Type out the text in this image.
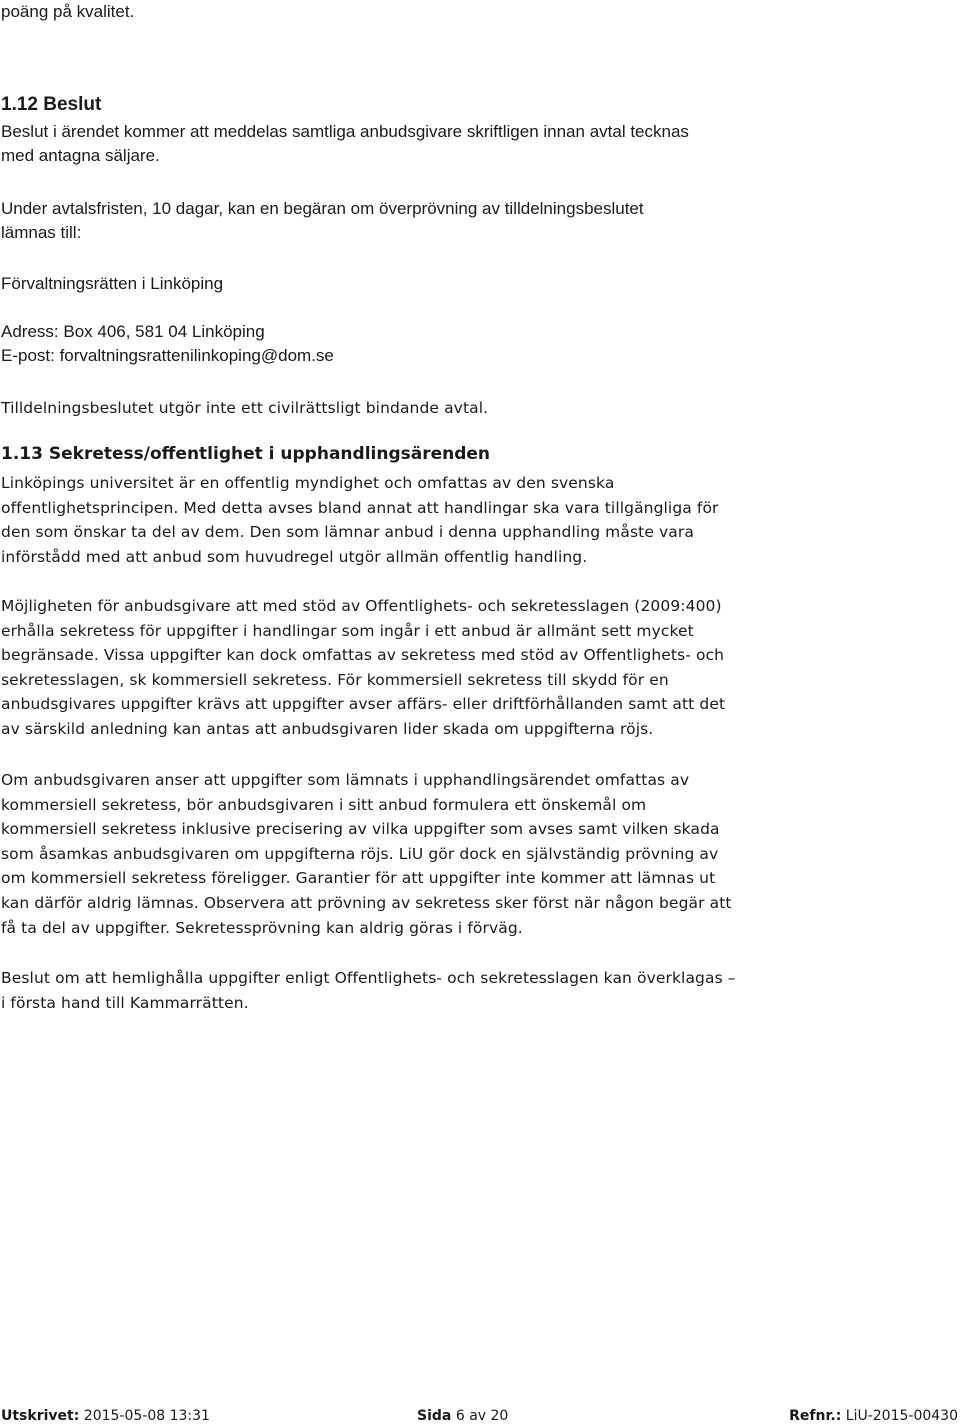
poäng på kvalitet.

1.12 Beslut

Beslut i ärendet kommer att meddelas samtliga anbudsgivare skriftligen innan avtal tecknas
med antagna säljare.

Under avtalsfristen, 10 dagar, kan en begäran om överprövning av tilldelningsbeslutet
lämnas till:

Förvaltningsrätten i Linköping

Adress: Box 406, 581 04 Linköping
E-post: forvaltningsrattenilinkoping@dom.se

Tilldelningsbeslutet utgör inte ett civilrättsligt bindande avtal.

1.13 Sekretess/offentlighet i upphandlingsärenden

Linköpings universitet är en offentlig myndighet och omfattas av den svenska
offentlighetsprincipen. Med detta avses bland annat att handlingar ska vara tillgängliga för
den som önskar ta del av dem. Den som lämnar anbud i denna upphandling måste vara
införstådd med att anbud som huvudregel utgör allmän offentlig handling.

Möjligheten för anbudsgivare att med stöd av Offentlighets- och sekretesslagen (2009:400)
erhålla sekretess för uppgifter i handlingar som ingår i ett anbud är allmänt sett mycket
begränsade. Vissa uppgifter kan dock omfattas av sekretess med stöd av Offentlighets- och
sekretesslagen, sk kommersiell sekretess. För kommersiell sekretess till skydd för en
anbudsgivares uppgifter krävs att uppgifter avser affärs- eller driftförhållanden samt att det
av särskild anledning kan antas att anbudsgivaren lider skada om uppgifterna röjs.

Om anbudsgivaren anser att uppgifter som lämnats i upphandlingsärendet omfattas av
kommersiell sekretess, bör anbudsgivaren i sitt anbud formulera ett önskemål om
kommersiell sekretess inklusive precisering av vilka uppgifter som avses samt vilken skada
som åsamkas anbudsgivaren om uppgifterna röjs. LiU gör dock en självständig prövning av
om kommersiell sekretess föreligger. Garantier för att uppgifter inte kommer att lämnas ut
kan därför aldrig lämnas. Observera att prövning av sekretess sker först när någon begär att
få ta del av uppgifter. Sekretessprövning kan aldrig göras i förväg.

Beslut om att hemlighålla uppgifter enligt Offentlighets- och sekretesslagen kan överklagas –
i första hand till Kammarrätten.

Utskrivet: 2015-05-08 13:31	Sida 6 av 20	Refnr.: LiU-2015-00430
